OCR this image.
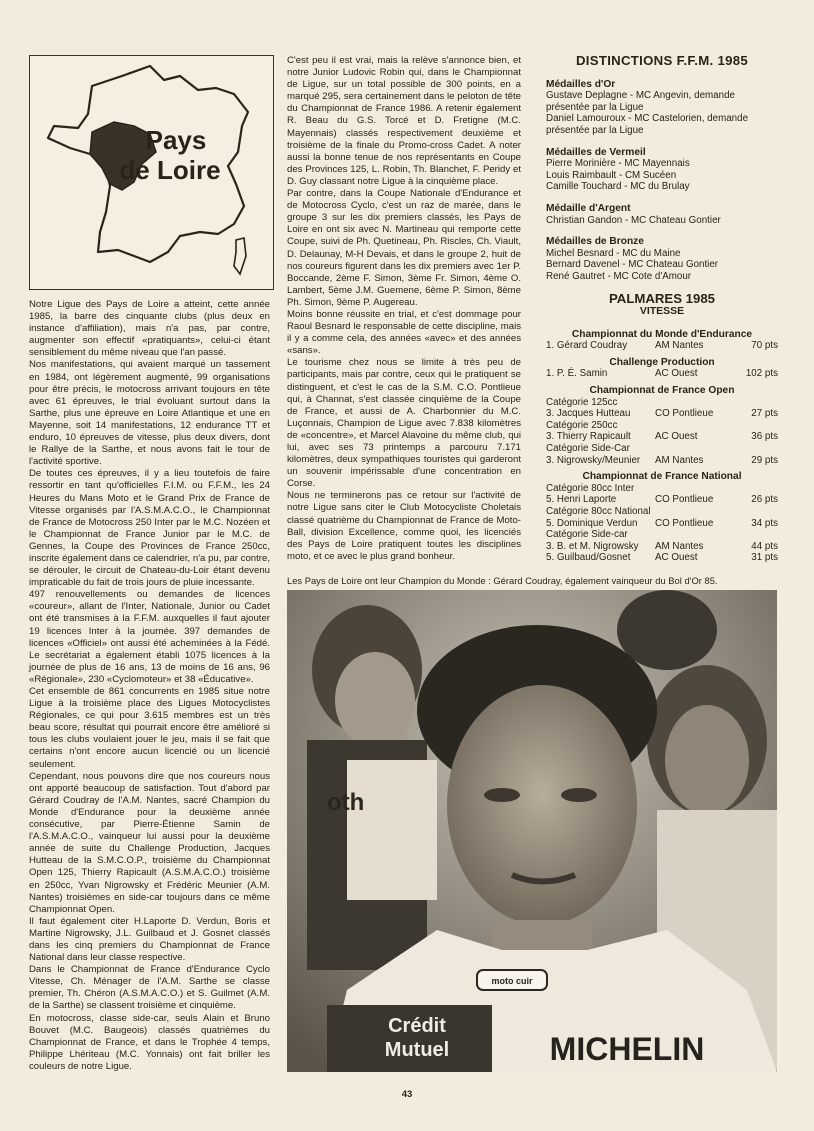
Pays de Loire

Notre Ligue des Pays de Loire a atteint, cette année 1985, la barre des cinquante clubs (plus deux en instance d'affiliation), mais n'a pas, par contre, augmenter son effectif «pratiquants», celui-ci étant sensiblement du même niveau que l'an passé.

Nos manifestations, qui avaient marqué un tassement en 1984, ont légèrement augmenté, 99 organisations pour être précis, le motocross arrivant toujours en tête avec 61 épreuves, le trial évoluant surtout dans la Sarthe, plus une épreuve en Loire Atlantique et une en Mayenne, soit 14 manifestations, 12 endurance TT et enduro, 10 épreuves de vitesse, plus deux divers, dont le Rallye de la Sarthe, et nous avons fait le tour de l'activité sportive.

De toutes ces épreuves, il y a lieu toutefois de faire ressortir en tant qu'officielles F.I.M. ou F.F.M., les 24 Heures du Mans Moto et le Grand Prix de France de Vitesse organisés par l'A.S.M.A.C.O., le Championnat de France de Motocross 250 Inter par le M.C. Nozéen et le Championnat de France Junior par le M.C. de Gennes, la Coupe des Provinces de France 250cc, inscrite également dans ce calendrier, n'a pu, par contre, se dérouler, le circuit de Chateau-du-Loir étant devenu impraticable du fait de trois jours de pluie incessante.

497 renouvellements ou demandes de licences «coureur», allant de l'Inter, Nationale, Junior ou Cadet ont été transmises à la F.F.M. auxquelles il faut ajouter 19 licences Inter à la journée. 397 demandes de licences «Officiel» ont aussi été acheminées à la Fédé. Le secrétariat a également établi 1075 licences à la journée de plus de 16 ans, 13 de moins de 16 ans, 96 «Régionale», 230 «Cyclomoteur» et 38 «Éducative».

Cet ensemble de 861 concurrents en 1985 situe notre Ligue à la troisième place des Ligues Motocyclistes Régionales, ce qui pour 3.615 membres est un très beau score, résultat qui pourrait encore être amélioré si tous les clubs voulaient jouer le jeu, mais il se fait que certains n'ont encore aucun licencié ou un licencié seulement.

Cependant, nous pouvons dire que nos coureurs nous ont apporté beaucoup de satisfaction. Tout d'abord par Gérard Coudray de l'A.M. Nantes, sacré Champion du Monde d'Endurance pour la deuxième année consécutive, par Pierre-Étienne Samin de l'A.S.M.A.C.O., vainqueur lui aussi pour la deuxième année de suite du Challenge Production, Jacques Hutteau de la S.M.C.O.P., troisième du Championnat Open 125, Thierry Rapicault (A.S.M.A.C.O.) troisième en 250cc, Yvan Nigrowsky et Frédéric Meunier (A.M. Nantes) troisièmes en side-car toujours dans ce même Championnat Open.

Il faut également citer H.Laporte D. Verdun, Boris et Martine Nigrowsky, J.L. Guilbaud et J. Gosnet classés dans les cinq premiers du Championnat de France National dans leur classe respective.

Dans le Championnat de France d'Endurance Cyclo Vitesse, Ch. Ménager de l'A.M. Sarthe se classe premier, Th. Chéron (A.S.M.A.C.O.) et S. Guilmet (A.M. de la Sarthe) se classent troisième et cinquième.

En motocross, classe side-car, seuls Alain et Bruno Bouvet (M.C. Baugeois) classés quatrièmes du Championnat de France, et dans le Trophée 4 temps, Philippe Lhériteau (M.C. Yonnais) ont fait briller les couleurs de notre Ligue.

C'est peu il est vrai, mais la relève s'annonce bien, et notre Junior Ludovic Robin qui, dans le Championnat de Ligue, sur un total possible de 300 points, en a marqué 295, sera certainement dans le peloton de tête du Championnat de France 1986. A retenir également R. Beau du G.S. Torcé et D. Fretigne (M.C. Mayennais) classés respectivement deuxième et troisième de la finale du Promo-cross Cadet. A noter aussi la bonne tenue de nos représentants en Coupe des Provinces 125, L. Robin, Th. Blanchet, F. Peridy et D. Guy classant notre Ligue à la cinquième place.

Par contre, dans la Coupe Nationale d'Endurance et de Motocross Cyclo, c'est un raz de marée, dans le groupe 3 sur les dix premiers classés, les Pays de Loire en ont six avec N. Martineau qui remporte cette Coupe, suivi de Ph. Quetineau, Ph. Riscles, Ch. Viault, D. Delaunay, M-H Devais, et dans le groupe 2, huit de nos coureurs figurent dans les dix premiers avec 1er P. Boccande, 2ème F. Simon, 3ème Fr. Simon, 4ème O. Lambert, 5ème J.M. Guemene, 6ème P. Simon, 8ème Ph. Simon, 9ème P. Augereau.

Moins bonne réussite en trial, et c'est dommage pour Raoul Besnard le responsable de cette discipline, mais il y a comme cela, des années «avec» et des années «sans».

Le tourisme chez nous se limite à très peu de participants, mais par contre, ceux qui le pratiquent se distinguent, et c'est le cas de la S.M. C.O. Pontlieue qui, à Channat, s'est classée cinquième de la Coupe de France, et aussi de A. Charbonnier du M.C. Luçonnais, Champion de Ligue avec 7.838 kilomètres de «concentre», et Marcel Alavoine du même club, qui lui, avec ses 73 printemps a parcouru 7.171 kilomètres, deux sympathiques touristes qui garderont un souvenir impérissable d'une concentration en Corse.

Nous ne terminerons pas ce retour sur l'activité de notre Ligue sans citer le Club Motocycliste Choletais classé quatrième du Championnat de France de Moto-Ball, division Excellence, comme quoi, les licenciés des Pays de Loire pratiquent toutes les disciplines moto, et ce avec le plus grand bonheur.

DISTINCTIONS F.F.M. 1985
Médailles d'Or
Gustave Deplagne - MC Angevin, demande présentée par la Ligue
Daniel Lamouroux - MC Castelorien, demande présentée par la Ligue
Médailles de Vermeil
Pierre Morinière - MC Mayennais
Louis Raimbault - CM Sucéen
Camille Touchard - MC du Brulay
Médaille d'Argent
Christian Gandon - MC Chateau Gontier
Médailles de Bronze
Michel Besnard - MC du Maine
Bernard Davenel - MC Chateau Gontier
René Gautret - MC Cote d'Amour
PALMARES 1985
VITESSE
Championnat du Monde d'Endurance
1. Gérard Coudray	AM Nantes	70 pts
Challenge Production
1. P. É. Samin	AC Ouest	102 pts
Championnat de France Open
Catégorie 125cc
3. Jacques Hutteau	CO Pontlieue	27 pts
Catégorie 250cc
3. Thierry Rapicault AC Ouest	36 pts
Catégorie Side-Car
3. Nigrowsky/Meunier AM Nantes	29 pts
Championnat de France National
Catégorie 80cc Inter
5. Henri Laporte	CO Pontlieue	26 pts
Catégorie 80cc National
5. Dominique Verdun CO Pontlieue	34 pts
Catégorie Side-car
3. B. et M. Nigrowsky AM Nantes	44 pts
5. Guilbaud/Gosnet	AC Ouest	31 pts
Les Pays de Loire ont leur Champion du Monde : Gérard Coudray, également vainqueur du Bol d'Or 85.
moto cuir
Crédit
Mutuel	MICHELIN
oth
43
